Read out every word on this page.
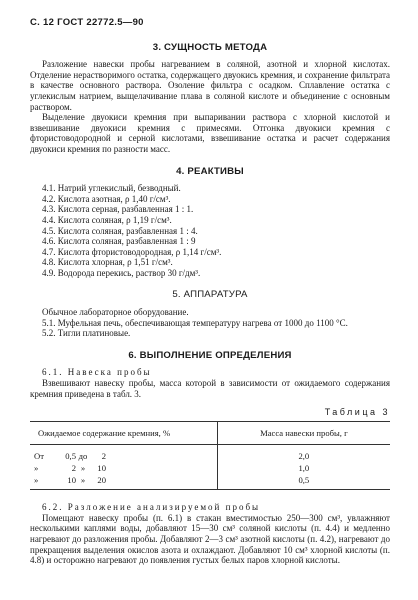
С. 12 ГОСТ 22772.5—90
3. СУЩНОСТЬ МЕТОДА

Разложение навески пробы нагреванием в соляной, азотной и хлорной кислотах. Отделение нерастворимого остатка, содержащего двуокись кремния, и сохранение фильтрата в качестве основного раствора. Озоление фильтра с осадком. Сплавление остатка с углекислым натрием, выщелачивание плава в соляной кислоте и объединение с основным раствором.

Выделение двуокиси кремния при выпаривании раствора с хлорной кислотой и взвешивание двуокиси кремния с примесями. Отгонка двуокиси кремния с фтористоводородной и серной кислотами, взвешивание остатка и расчет содержания двуокиси кремния по разности масс.

4. РЕАКТИВЫ
4.1. Натрий углекислый, безводный.
4.2. Кислота азотная, ρ 1,40 г/см³.
4.3. Кислота серная, разбавленная 1 : 1.
4.4. Кислота соляная, ρ 1,19 г/см³.
4.5. Кислота соляная, разбавленная 1 : 4.
4.6. Кислота соляная, разбавленная 1 : 9
4.7. Кислота фтористоводородная, ρ 1,14 г/см³.
4.8. Кислота хлорная, ρ 1,51 г/см³.
4.9. Водорода перекись, раствор 30 г/дм³.
5. АППАРАТУРА

Обычное лабораторное оборудование.

5.1. Муфельная печь, обеспечивающая температуру нагрева от 1000 до 1100 °С.

5.2. Тигли платиновые.

6. ВЫПОЛНЕНИЕ ОПРЕДЕЛЕНИЯ

6.1. Навеска пробы

Взвешивают навеску пробы, масса которой в зависимости от ожидаемого содержания кремния приведена в табл. 3.

Таблица 3
Ожидаемое содержание кремния, %	Масса навески пробы, г
От 0,5 до 2	2,0
» 2 » 10	1,0
» 10 » 20	0,5

6.2. Разложение анализируемой пробы

Помещают навеску пробы (п. 6.1) в стакан вместимостью 250—300 см³, увлажняют несколькими каплями воды, добавляют 15—30 см³ соляной кислоты (п. 4.4) и медленно нагревают до разложения пробы. Добавляют 2—3 см³ азотной кислоты (п. 4.2), нагревают до прекращения выделения окислов азота и охлаждают. Добавляют 10 см³ хлорной кислоты (п. 4.8) и осторожно нагревают до появления густых белых паров хлорной кислоты.
